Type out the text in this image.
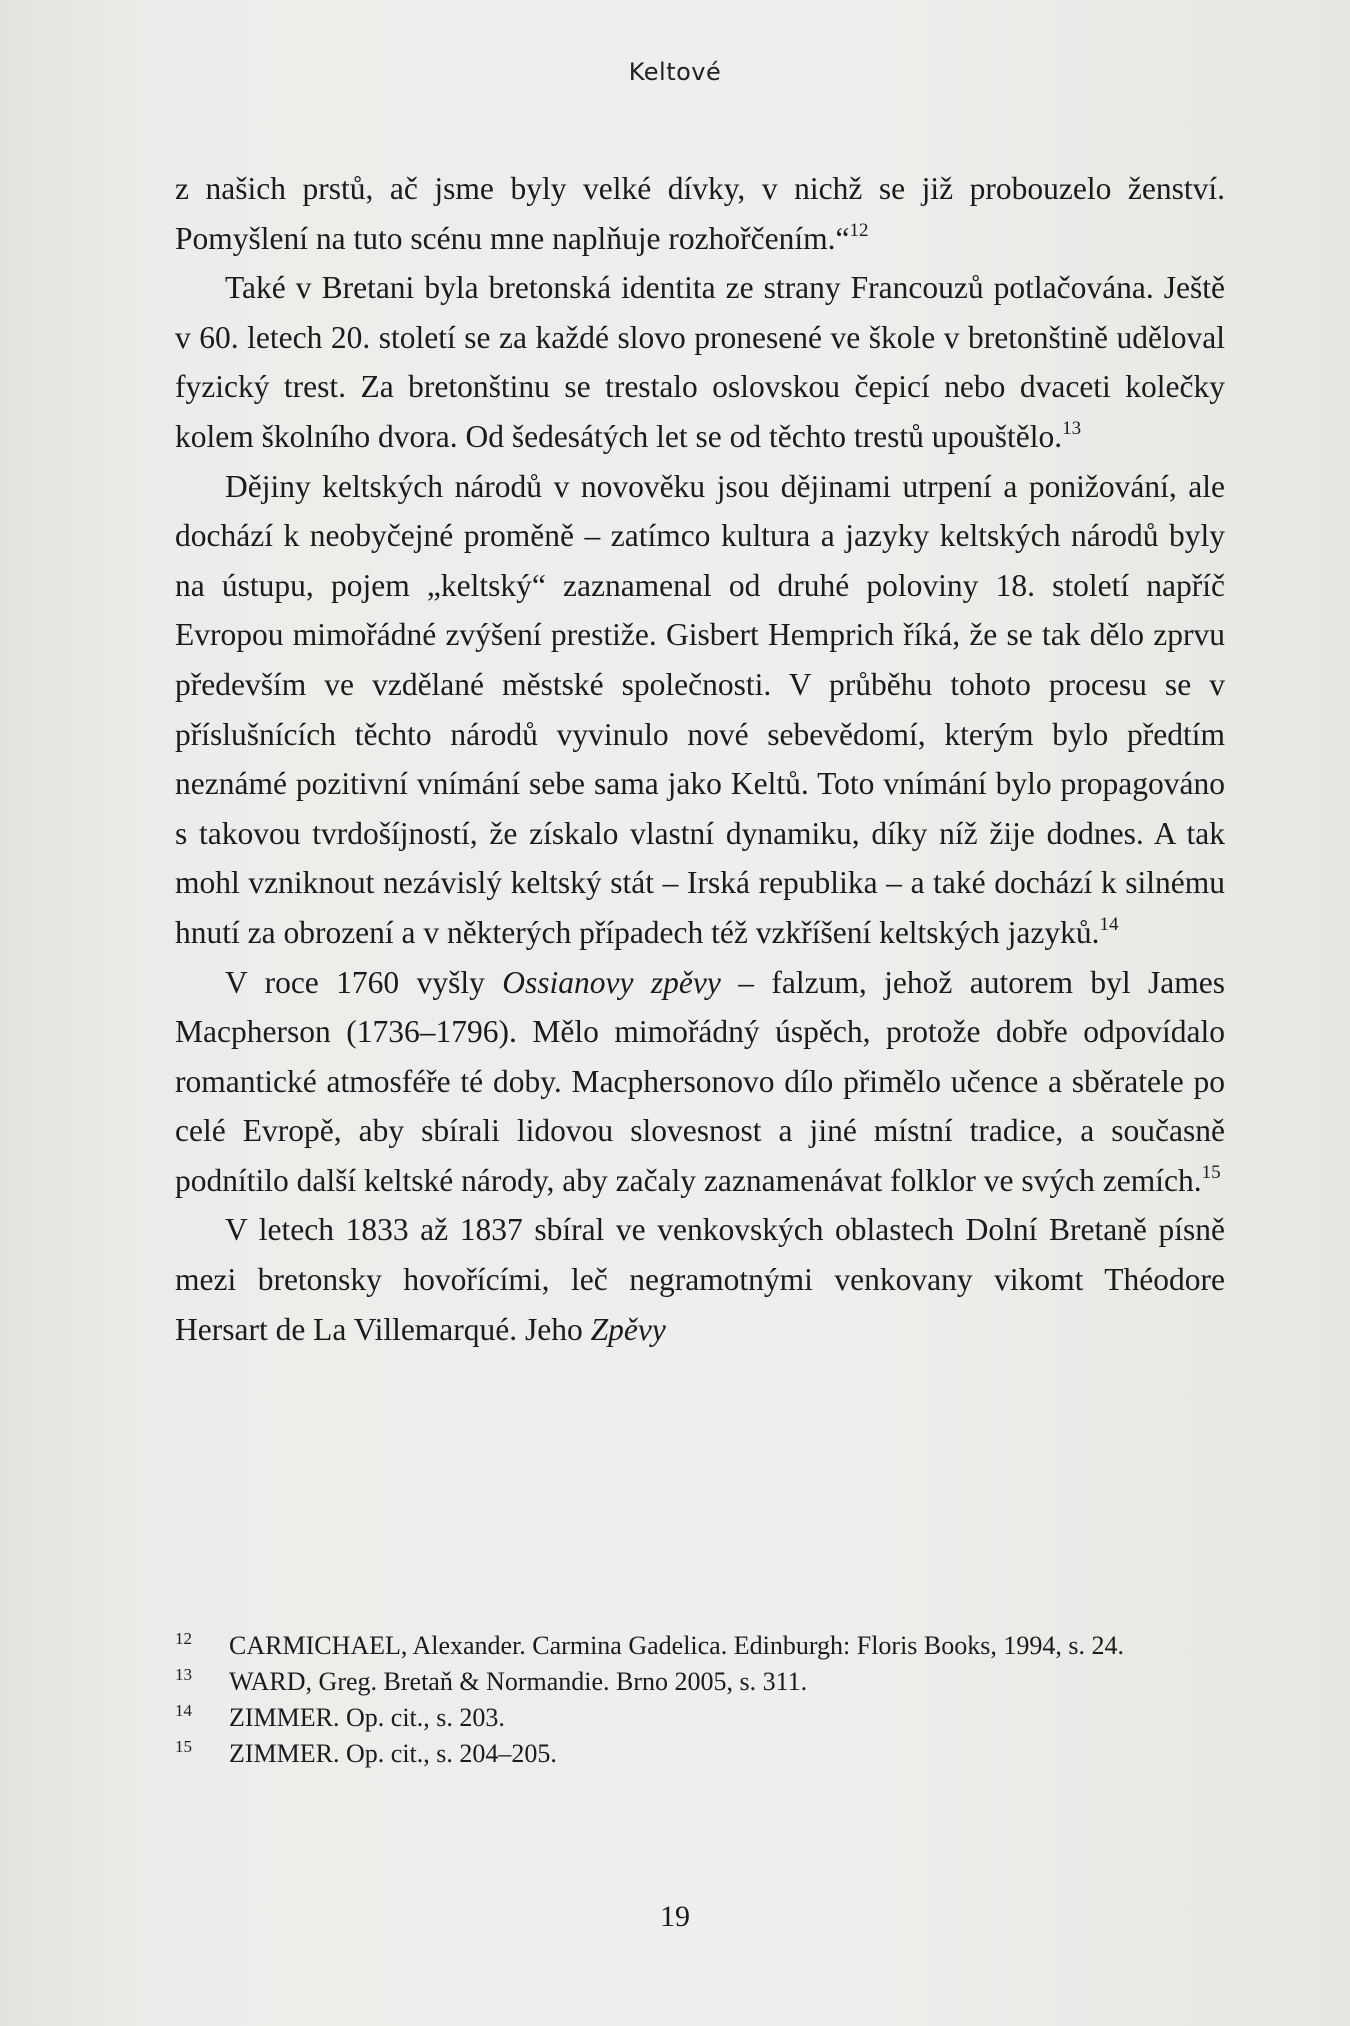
Keltové

z našich prstů, ač jsme byly velké dívky, v nichž se již probouzelo ženství. Pomyšlení na tuto scénu mne naplňuje rozhořčením.“$^{12}$

Také v Bretani byla bretonská identita ze strany Francouzů potlačována. Ještě v 60. letech 20. století se za každé slovo pronesené ve škole v bretonštině uděloval fyzický trest. Za bretonštinu se trestalo oslovskou čepicí nebo dvaceti kolečky kolem školního dvora. Od šedesátých let se od těchto trestů upouštělo.$^{13}$

Dějiny keltských národů v novověku jsou dějinami utrpení a ponižování, ale dochází k neobyčejné proměně – zatímco kultura a jazyky keltských národů byly na ústupu, pojem „keltský“ zaznamenal od druhé poloviny 18. století napříč Evropou mimořádné zvýšení prestiže. Gisbert Hemprich říká, že se tak dělo zprvu především ve vzdělané městské společnosti. V průběhu tohoto procesu se v příslušnících těchto národů vyvinulo nové sebevědomí, kterým bylo předtím neznámé pozitivní vnímání sebe sama jako Keltů. Toto vnímání bylo propagováno s takovou tvrdošíjností, že získalo vlastní dynamiku, díky níž žije dodnes. A tak mohl vzniknout nezávislý keltský stát – Irská republika – a také dochází k silnému hnutí za obrození a v některých případech též vzkříšení keltských jazyků.$^{14}$

V roce 1760 vyšly Ossianovy zpěvy – falzum, jehož autorem byl James Macpherson (1736–1796). Mělo mimořádný úspěch, protože dobře odpovídalo romantické atmosféře té doby. Macphersonovo dílo přimělo učence a sběratele po celé Evropě, aby sbírali lidovou slovesnost a jiné místní tradice, a současně podnítilo další keltské národy, aby začaly zaznamenávat folklor ve svých zemích.$^{15}$

V letech 1833 až 1837 sbíral ve venkovských oblastech Dolní Bretaně písně mezi bretonsky hovořícími, leč negramotnými venkovany vikomt Théodore Hersart de La Villemarqué. Jeho Zpěvy

12	CARMICHAEL, Alexander. Carmina Gadelica. Edinburgh: Floris Books, 1994, s. 24.
13	WARD, Greg. Bretaň & Normandie. Brno 2005, s. 311.
14	ZIMMER. Op. cit., s. 203.
15	ZIMMER. Op. cit., s. 204–205.
19
